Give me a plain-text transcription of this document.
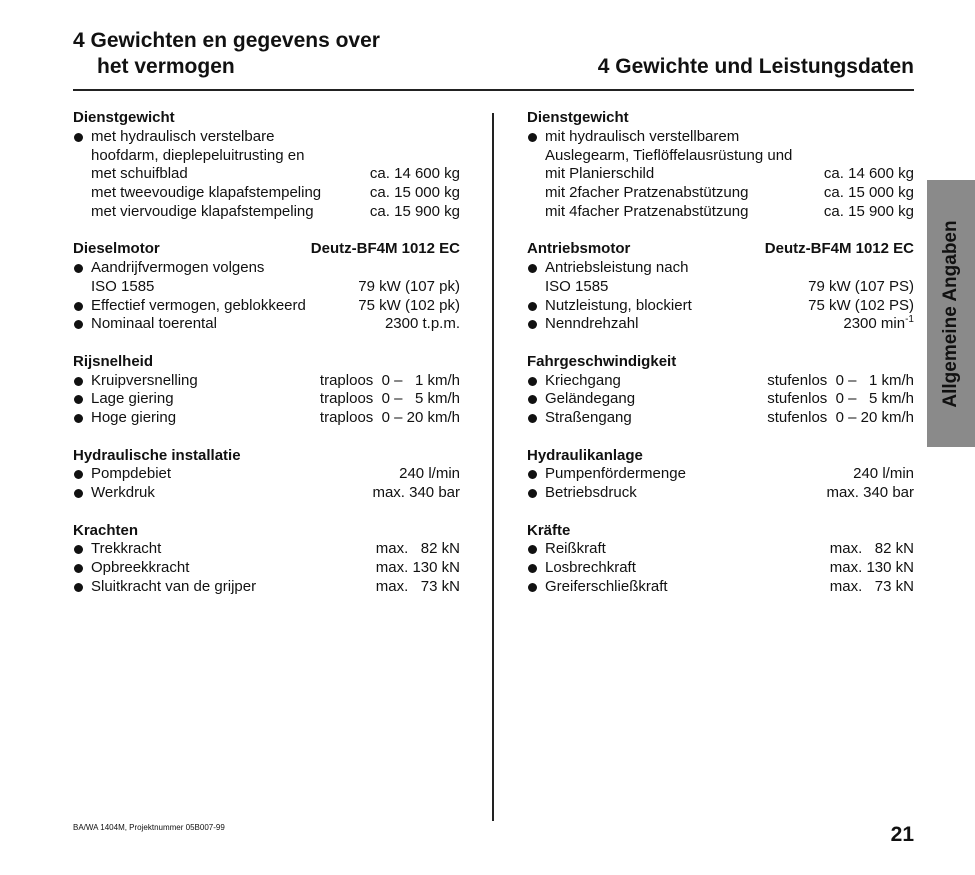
4 Gewichten en gegevens over
het vermogen	4 Gewichte und Leistungsdaten
Dienstgewicht
met hydraulisch verstelbare
hoofdarm, dieplepeluitrusting en
met schuifblad	ca. 14 600 kg
met tweevoudige klapafstempeling	ca. 15 000 kg
met viervoudige klapafstempeling	ca. 15 900 kg
Dieselmotor	Deutz-BF4M 1012 EC
Aandrijfvermogen volgens
ISO 1585	79 kW (107 pk)
Effectief vermogen, geblokkeerd	75 kW (102 pk)
Nominaal toerental	2300 t.p.m.
Rijsnelheid
Kruipversnelling	traploos  0 –   1 km/h
Lage giering	traploos  0 –   5 km/h
Hoge giering	traploos  0 – 20 km/h
Hydraulische installatie
Pompdebiet	240 l/min
Werkdruk	max. 340 bar
Krachten
Trekkracht	max.   82 kN
Opbreekkracht	max. 130 kN
Sluitkracht van de grijper	max.   73 kN
Dienstgewicht
mit hydraulisch verstellbarem
Auslegearm, Tieflöffelausrüstung und
mit Planierschild	ca. 14 600 kg
mit 2facher Pratzenabstützung	ca. 15 000 kg
mit 4facher Pratzenabstützung	ca. 15 900 kg
Antriebsmotor	Deutz-BF4M 1012 EC
Antriebsleistung nach
ISO 1585	79 kW (107 PS)
Nutzleistung, blockiert	75 kW (102 PS)
Nenndrehzahl	2300 $\min^{-1}$
Fahrgeschwindigkeit
Kriechgang	stufenlos  0 –   1 km/h
Geländegang	stufenlos  0 –   5 km/h
Straßengang	stufenlos  0 – 20 km/h
Hydraulikanlage
Pumpenfördermenge	240 l/min
Betriebsdruck	max. 340 bar
Kräfte
Reißkraft	max.   82 kN
Losbrechkraft	max. 130 kN
Greiferschließkraft	max.   73 kN
Allgemeine Angaben
BA/WA 1404M, Projektnummer 05B007-99	21
